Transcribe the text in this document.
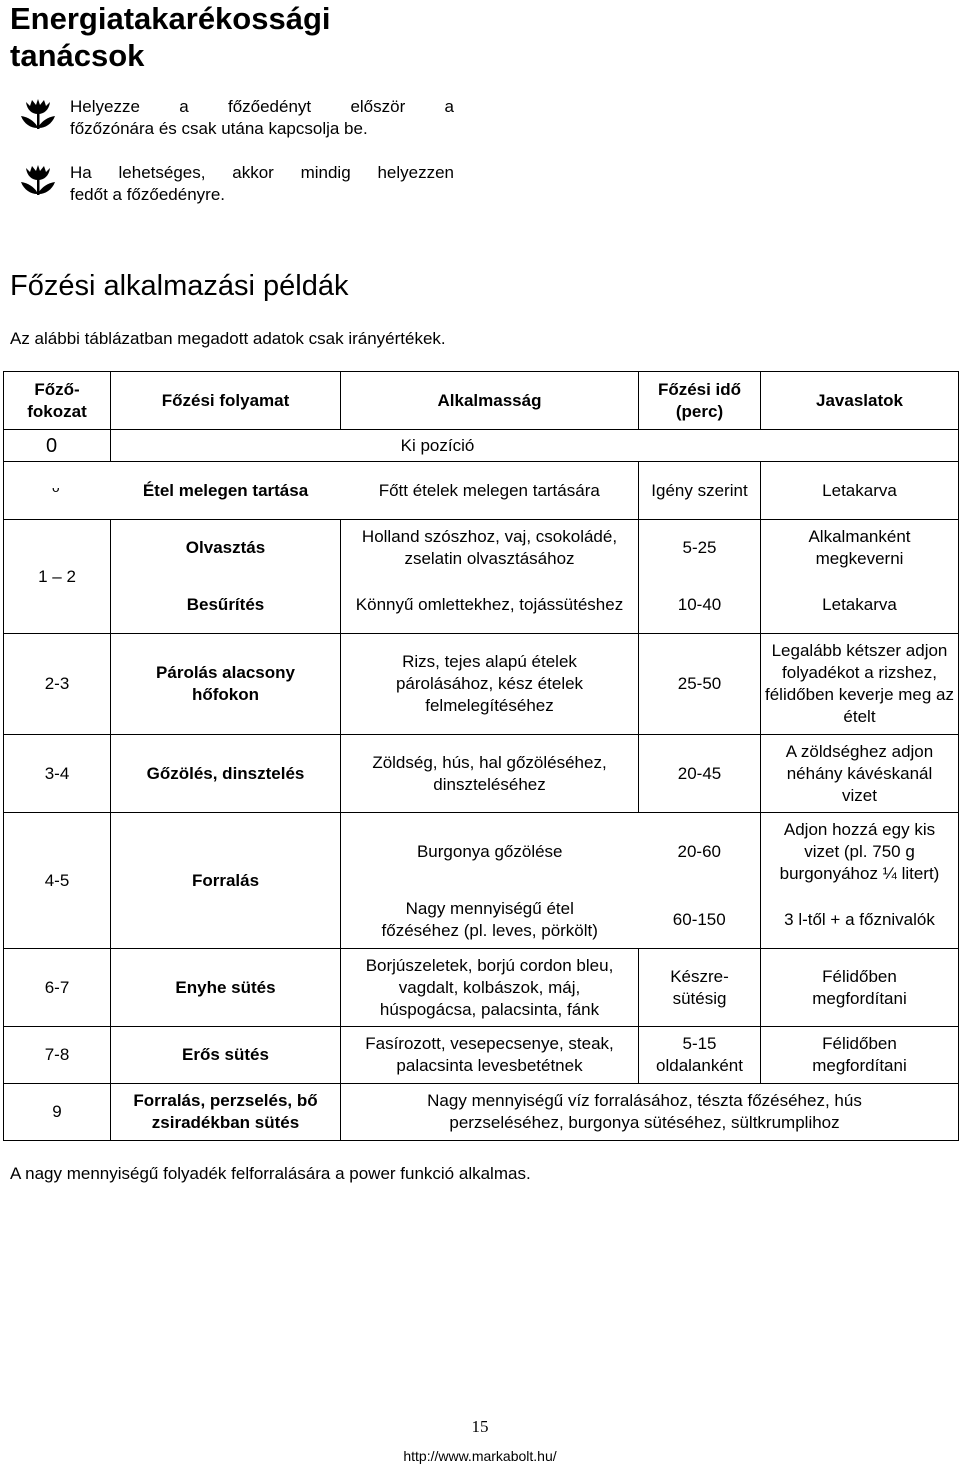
Energiatakarékossági tanácsok
Helyezze a főzőedényt először a
főzőzónára és csak utána kapcsolja be.
Ha lehetséges, akkor mindig helyezzen
fedőt a főzőedényre.
Főzési alkalmazási példák

Az alábbi táblázatban megadott adatok csak irányértékek.

Főző-fokozat	Főzési folyamat	Alkalmasság	Főzési idő (perc)	Javaslatok
0	Ki pozíció			
ᵕ	Étel melegen tartása	Főtt ételek melegen tartására	Igény szerint	Letakarva
1 – 2	Olvasztás	Holland szószhoz, vaj, csokoládé, zselatin olvasztásához	5-25	Alkalmanként megkeverni
	Besűrítés	Könnyű omlettekhez, tojássütéshez	10-40	Letakarva
2-3	Párolás alacsony hőfokon	Rizs, tejes alapú ételek párolásához, kész ételek felmelegítéséhez	25-50	Legalább kétszer adjon folyadékot a rizshez, félidőben keverje meg az ételt
3-4	Gőzölés, dinsztelés	Zöldség, hús, hal gőzöléséhez, dinszteléséhez	20-45	A zöldséghez adjon néhány kávéskanál vizet
4-5	Forralás	Burgonya gőzölése	20-60	Adjon hozzá egy kis vizet (pl. 750 g burgonyához ¼ litert)
		Nagy mennyiségű étel főzéséhez (pl. leves, pörkölt)	60-150	3 l-től + a főznivalók
6-7	Enyhe sütés	Borjúszeletek, borjú cordon bleu, vagdalt, kolbászok, máj, húspogácsa, palacsinta, fánk	Készre-sütésig	Félidőben megfordítani
7-8	Erős sütés	Fasírozott, vesepecsenye, steak, palacsinta levesbetétnek	5-15 oldalanként	Félidőben megfordítani
9	Forralás, perzselés, bő zsiradékban sütés	Nagy mennyiségű víz forralásához, tészta főzéséhez, hús perzseléséhez, burgonya sütéséhez, sültkrumplihoz		

A nagy mennyiségű folyadék felforralására a power funkció alkalmas.

15
http://www.markabolt.hu/
